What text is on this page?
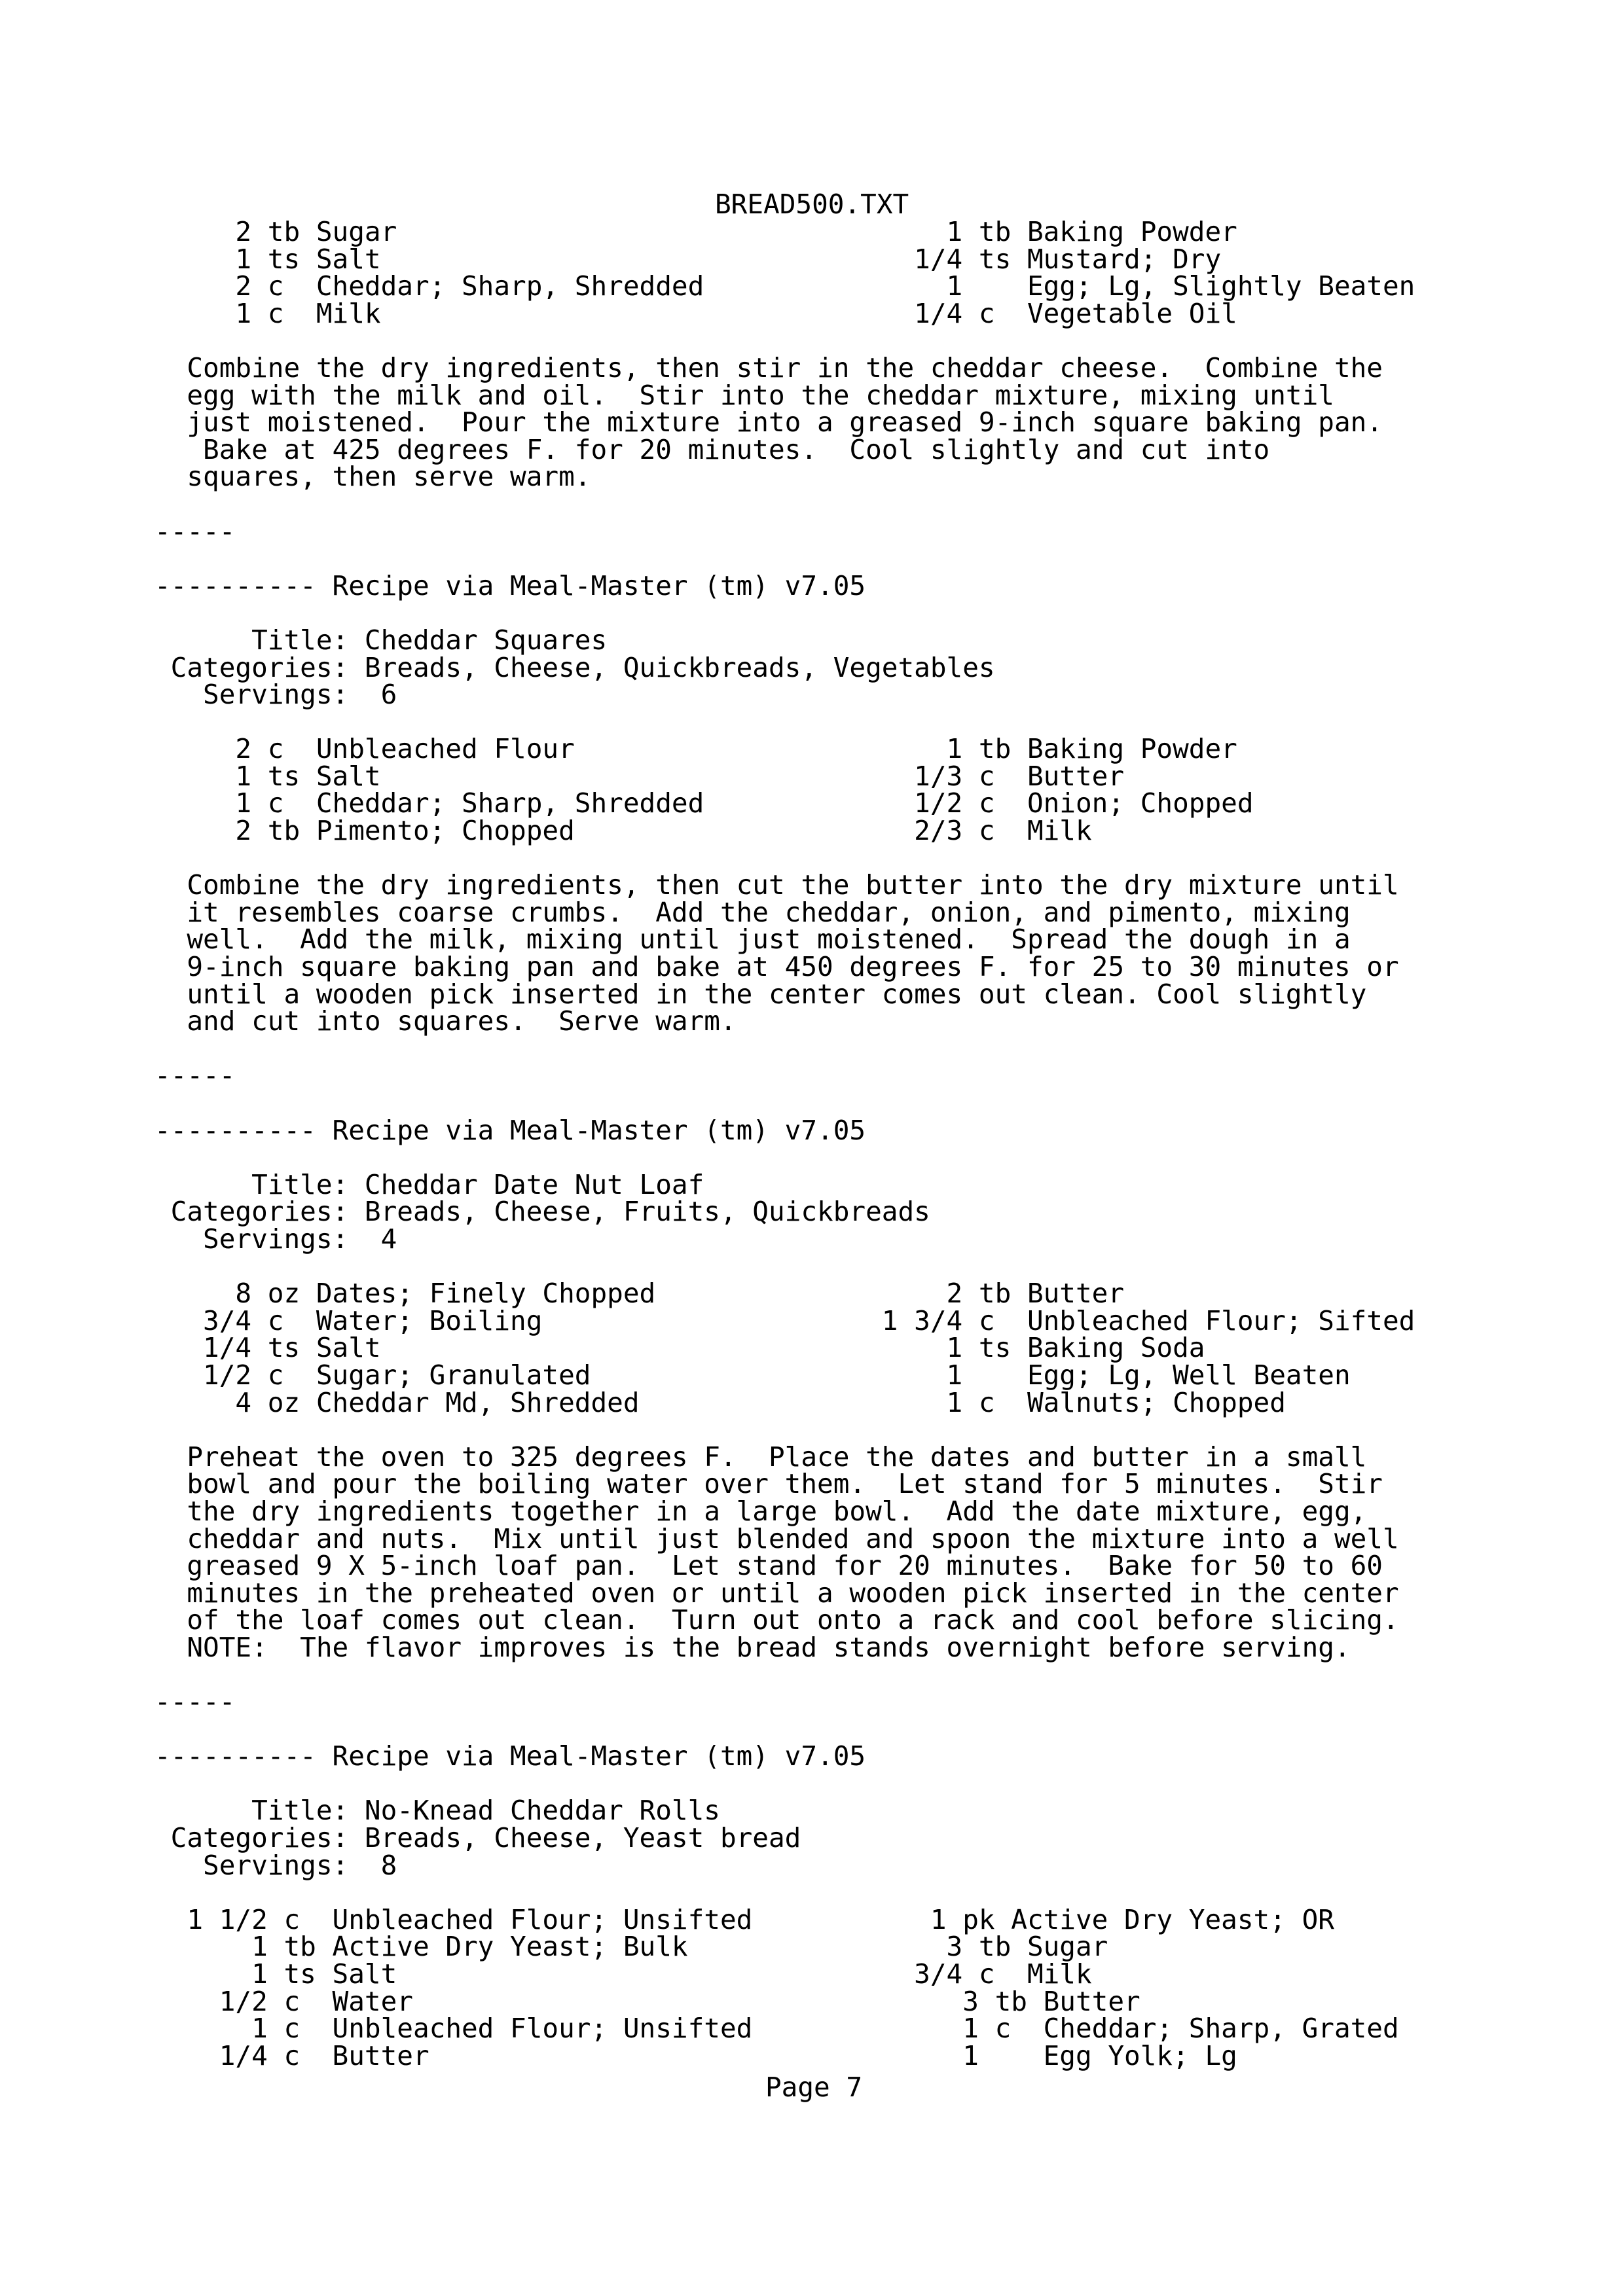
BREAD500.TXT
2 tb Sugar                                  1 tb Baking Powder
1 ts Salt                                 1/4 ts Mustard; Dry
2 c  Cheddar; Sharp, Shredded               1    Egg; Lg, Slightly Beaten
1 c  Milk                                 1/4 c  Vegetable Oil
Combine the dry ingredients, then stir in the cheddar cheese.  Combine the
egg with the milk and oil.  Stir into the cheddar mixture, mixing until
just moistened.  Pour the mixture into a greased 9-inch square baking pan.
Bake at 425 degrees F. for 20 minutes.  Cool slightly and cut into
squares, then serve warm.
-----
---------- Recipe via Meal-Master (tm) v7.05
Title: Cheddar Squares
Categories: Breads, Cheese, Quickbreads, Vegetables
Servings:  6
2 c  Unbleached Flour                       1 tb Baking Powder
1 ts Salt                                 1/3 c  Butter
1 c  Cheddar; Sharp, Shredded             1/2 c  Onion; Chopped
2 tb Pimento; Chopped                     2/3 c  Milk
Combine the dry ingredients, then cut the butter into the dry mixture until
it resembles coarse crumbs.  Add the cheddar, onion, and pimento, mixing
well.  Add the milk, mixing until just moistened.  Spread the dough in a
9-inch square baking pan and bake at 450 degrees F. for 25 to 30 minutes or
until a wooden pick inserted in the center comes out clean. Cool slightly
and cut into squares.  Serve warm.
-----
---------- Recipe via Meal-Master (tm) v7.05
Title: Cheddar Date Nut Loaf
Categories: Breads, Cheese, Fruits, Quickbreads
Servings:  4
8 oz Dates; Finely Chopped                  2 tb Butter
3/4 c  Water; Boiling                     1 3/4 c  Unbleached Flour; Sifted
1/4 ts Salt                                   1 ts Baking Soda
1/2 c  Sugar; Granulated                      1    Egg; Lg, Well Beaten
4 oz Cheddar Md, Shredded                   1 c  Walnuts; Chopped
Preheat the oven to 325 degrees F.  Place the dates and butter in a small
bowl and pour the boiling water over them.  Let stand for 5 minutes.  Stir
the dry ingredients together in a large bowl.  Add the date mixture, egg,
cheddar and nuts.  Mix until just blended and spoon the mixture into a well
greased 9 X 5-inch loaf pan.  Let stand for 20 minutes.  Bake for 50 to 60
minutes in the preheated oven or until a wooden pick inserted in the center
of the loaf comes out clean.  Turn out onto a rack and cool before slicing.
NOTE:  The flavor improves is the bread stands overnight before serving.
-----
---------- Recipe via Meal-Master (tm) v7.05
Title: No-Knead Cheddar Rolls
Categories: Breads, Cheese, Yeast bread
Servings:  8
1 1/2 c  Unbleached Flour; Unsifted           1 pk Active Dry Yeast; OR
1 tb Active Dry Yeast; Bulk                3 tb Sugar
1 ts Salt                                3/4 c  Milk
1/2 c  Water                                  3 tb Butter
1 c  Unbleached Flour; Unsifted             1 c  Cheddar; Sharp, Grated
1/4 c  Butter                                 1    Egg Yolk; Lg
Page 7
